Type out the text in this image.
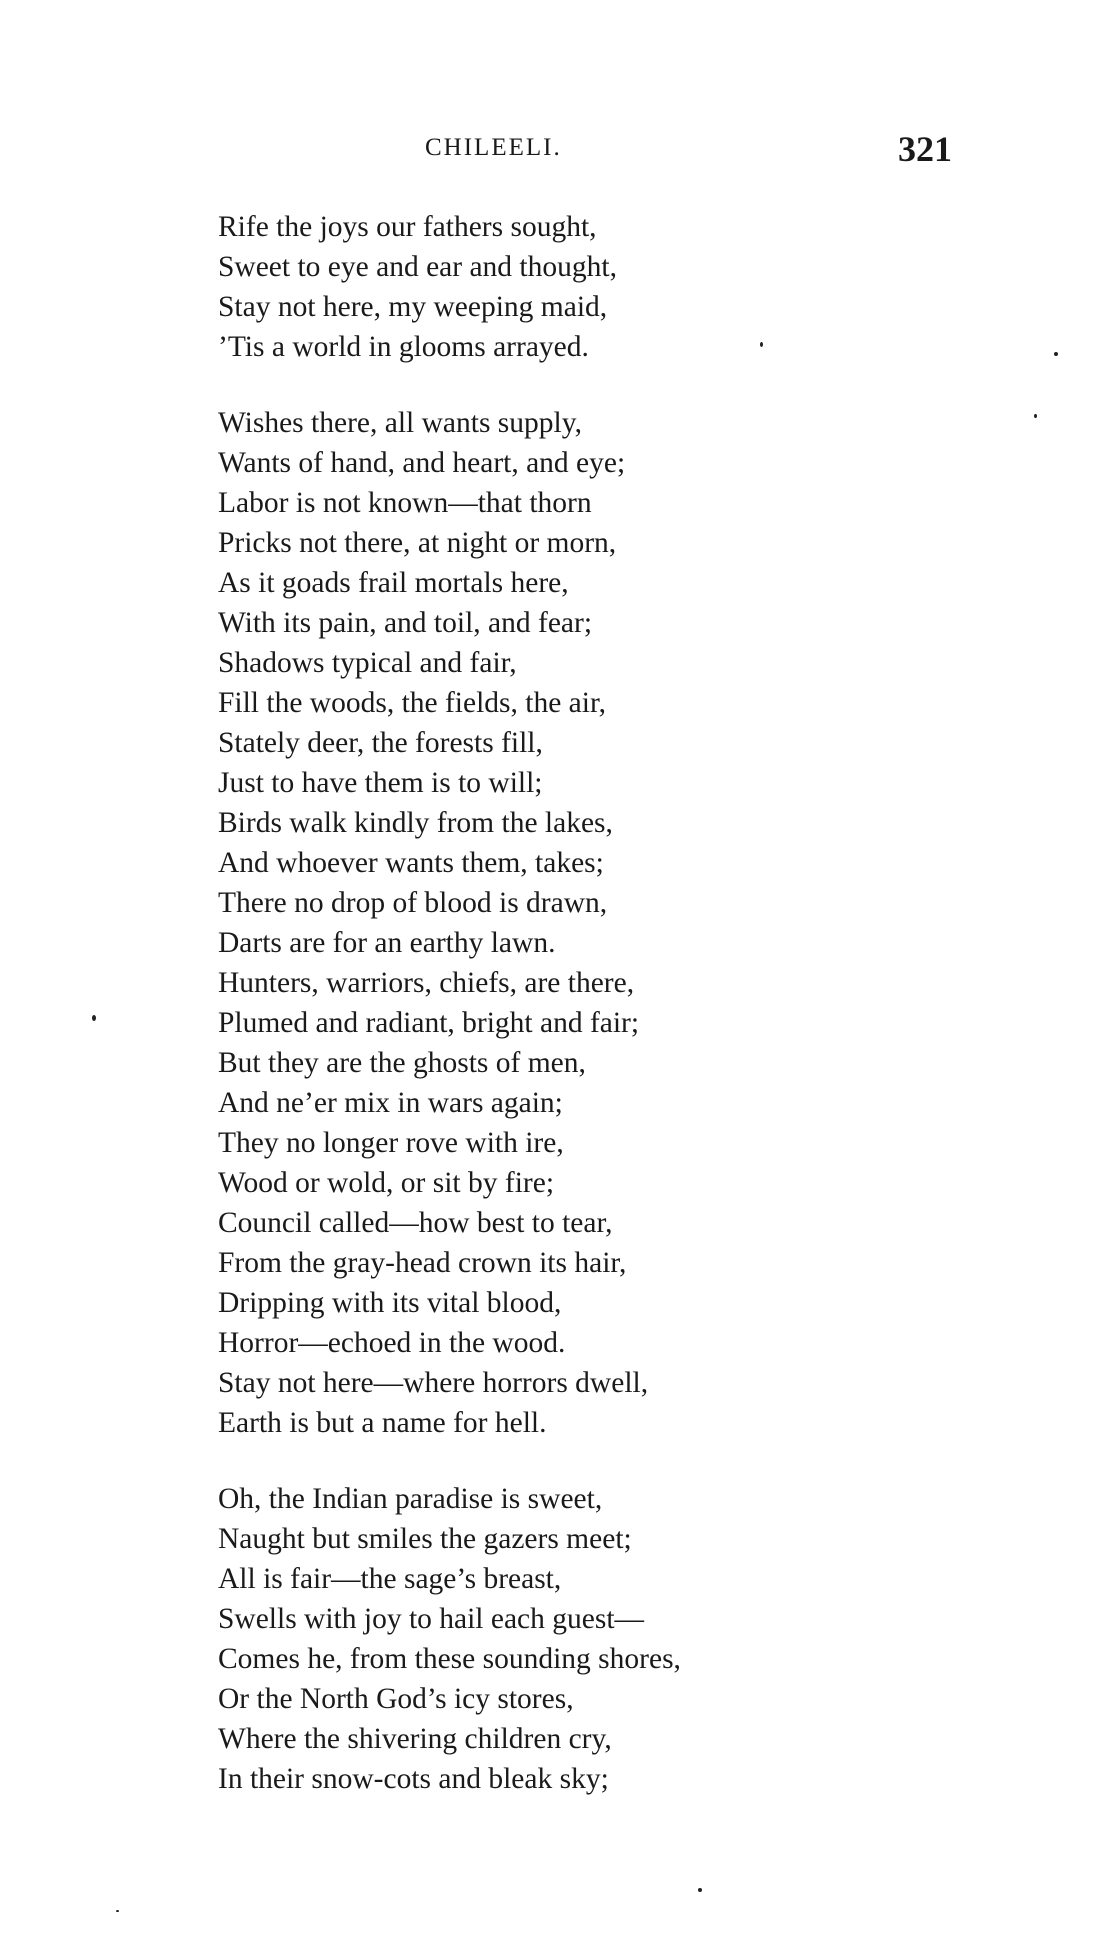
CHILEELI.	321
Rife the joys our fathers sought,
Sweet to eye and ear and thought,
Stay not here, my weeping maid,
’Tis a world in glooms arrayed.
Wishes there, all wants supply,
Wants of hand, and heart, and eye;
Labor is not known—that thorn
Pricks not there, at night or morn,
As it goads frail mortals here,
With its pain, and toil, and fear;
Shadows typical and fair,
Fill the woods, the fields, the air,
Stately deer, the forests fill,
Just to have them is to will;
Birds walk kindly from the lakes,
And whoever wants them, takes;
There no drop of blood is drawn,
Darts are for an earthy lawn.
Hunters, warriors, chiefs, are there,
Plumed and radiant, bright and fair;
But they are the ghosts of men,
And ne’er mix in wars again;
They no longer rove with ire,
Wood or wold, or sit by fire;
Council called—how best to tear,
From the gray-head crown its hair,
Dripping with its vital blood,
Horror—echoed in the wood.
Stay not here—where horrors dwell,
Earth is but a name for hell.
Oh, the Indian paradise is sweet,
Naught but smiles the gazers meet;
All is fair—the sage’s breast,
Swells with joy to hail each guest—
Comes he, from these sounding shores,
Or the North God’s icy stores,
Where the shivering children cry,
In their snow-cots and bleak sky;
